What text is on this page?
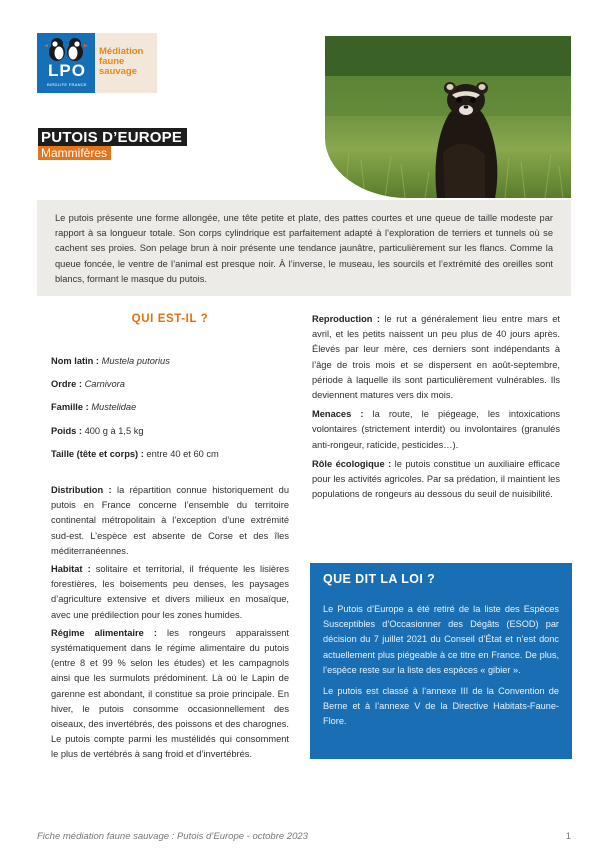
LPO
BIRDLIFE FRANCE
Médiation
faune
sauvage
PUTOIS D’EUROPE
Mammifères
Le putois présente une forme allongée, une tête petite et plate, des pattes courtes et une queue de taille modeste par rapport à sa longueur totale. Son corps cylindrique est parfaitement adapté à l’exploration de terriers et tunnels où se cachent ses proies. Son pelage brun à noir présente une tendance jaunâtre, particulièrement sur les flancs. Comme la queue foncée, le ventre de l’animal est presque noir. À l’inverse, le museau, les sourcils et l’extrémité des oreilles sont blancs, formant le masque du putois.
QUI EST-IL ?
Nom latin : Mustela putorius
Ordre : Carnivora
Famille : Mustelidae
Poids : 400 g à 1,5 kg
Taille (tête et corps) : entre 40 et 60 cm
Distribution : la répartition connue historiquement du putois en France concerne l’ensemble du territoire continental métropolitain à l’exception d’une extrémité sud-est. L’espèce est absente de Corse et des îles méditerranéennes.
Habitat : solitaire et territorial, il fréquente les lisières forestières, les boisements peu denses, les paysages d’agriculture extensive et divers milieux en mosaïque, avec une prédilection pour les zones humides.
Régime alimentaire : les rongeurs apparaissent systématiquement dans le régime alimentaire du putois (entre 8 et 99 % selon les études) et les campagnols ainsi que les surmulots prédominent. Là où le Lapin de garenne est abondant, il constitue sa proie principale. En hiver, le putois consomme occasionnellement des oiseaux, des invertébrés, des poissons et des charognes. Le putois compte parmi les mustélidés qui consomment le plus de vertébrés à sang froid et d’invertébrés.
Reproduction : le rut a généralement lieu entre mars et avril, et les petits naissent un peu plus de 40 jours après. Élevés par leur mère, ces derniers sont indépendants à l’âge de trois mois et se dispersent en août-septembre, période à laquelle ils sont particulièrement vulnérables. Ils deviennent matures vers dix mois.
Menaces : la route, le piégeage, les intoxications volontaires (strictement interdit) ou involontaires (granulés anti-rongeur, raticide, pesticides…).
Rôle écologique : le putois constitue un auxiliaire efficace pour les activités agricoles. Par sa prédation, il maintient les populations de rongeurs au dessous du seuil de nuisibilité.
QUE DIT LA LOI ?
Le Putois d’Europe a été retiré de la liste des Espèces Susceptibles d’Occasionner des Dégâts (ESOD) par décision du 7 juillet 2021 du Conseil d’État et n’est donc actuellement plus piégeable à ce titre en France. De plus, l’espèce reste sur la liste des espèces « gibier ».
Le putois est classé à l’annexe III de la Convention de Berne et à l’annexe V de la Directive Habitats-Faune-Flore.
Fiche médiation faune sauvage : Putois d’Europe - octobre 2023	1
